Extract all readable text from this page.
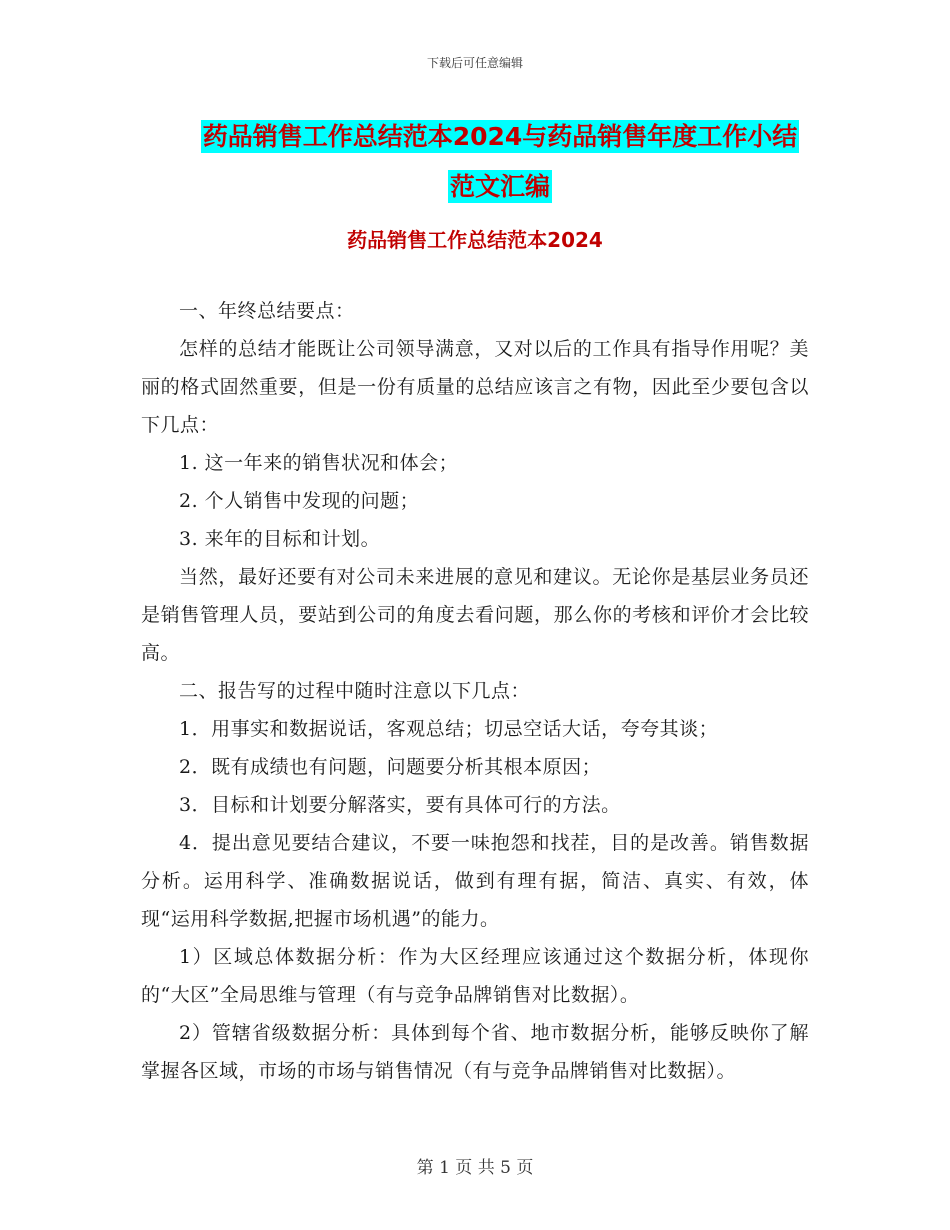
下载后可任意编辑
药品销售工作总结范本2024与药品销售年度工作小结
范文汇编
药品销售工作总结范本2024

一、年终总结要点：

怎样的总结才能既让公司领导满意，又对以后的工作具有指导作用呢？美丽的格式固然重要，但是一份有质量的总结应该言之有物，因此至少要包含以下几点：

1. 这一年来的销售状况和体会；

2. 个人销售中发现的问题；

3. 来年的目标和计划。

当然，最好还要有对公司未来进展的意见和建议。无论你是基层业务员还是销售管理人员，要站到公司的角度去看问题，那么你的考核和评价才会比较高。

二、报告写的过程中随时注意以下几点：

1．用事实和数据说话，客观总结；切忌空话大话，夸夸其谈；

2．既有成绩也有问题，问题要分析其根本原因；

3．目标和计划要分解落实，要有具体可行的方法。

4．提出意见要结合建议，不要一味抱怨和找茬，目的是改善。销售数据分析。运用科学、准确数据说话，做到有理有据，简洁、真实、有效，体现“运用科学数据,把握市场机遇”的能力。

1）区域总体数据分析：作为大区经理应该通过这个数据分析，体现你的“大区”全局思维与管理（有与竞争品牌销售对比数据）。

2）管辖省级数据分析：具体到每个省、地市数据分析，能够反映你了解掌握各区域，市场的市场与销售情况（有与竞争品牌销售对比数据）。

第 1 页 共 5 页
